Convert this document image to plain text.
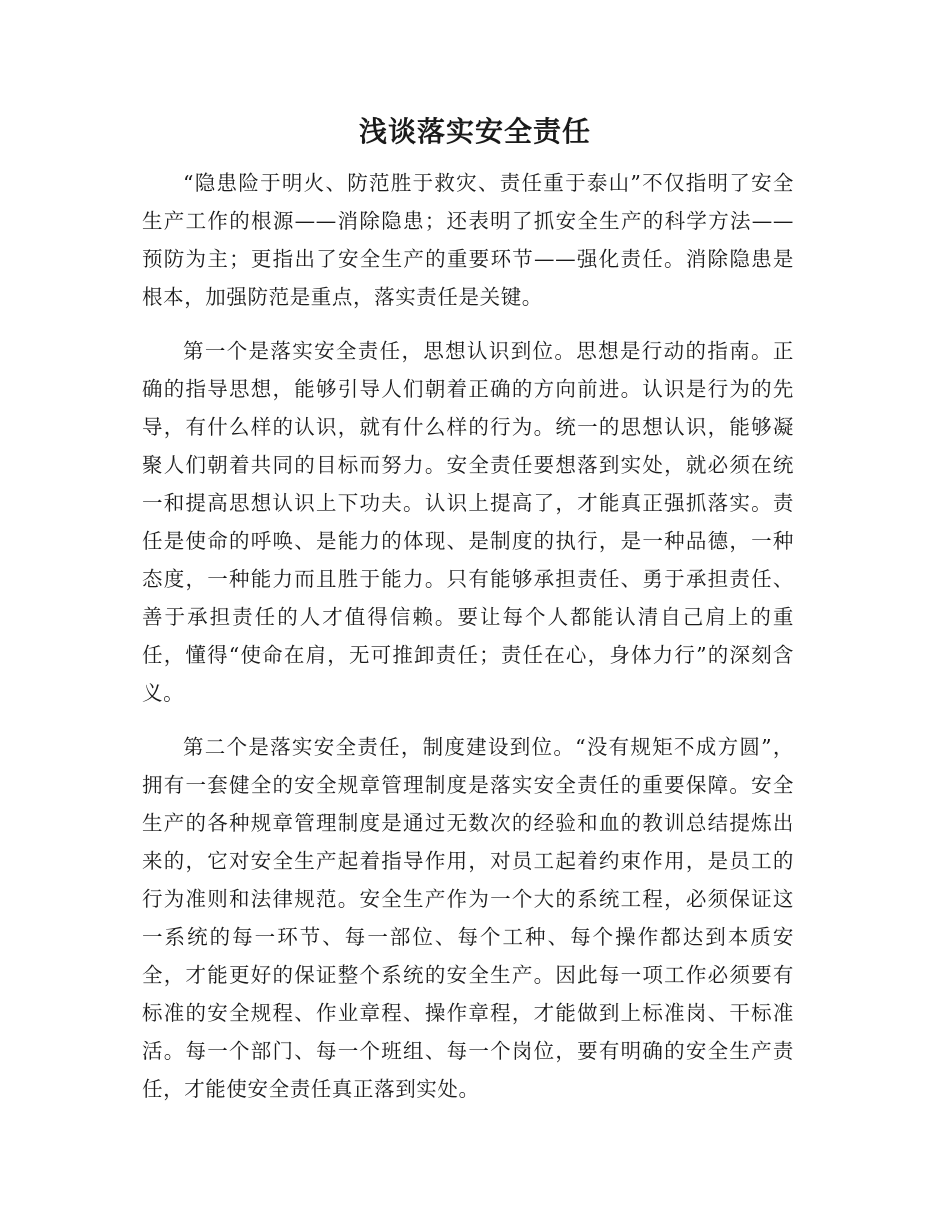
浅谈落实安全责任

“隐患险于明火、防范胜于救灾、责任重于泰山”不仅指明了安全生产工作的根源——消除隐患；还表明了抓安全生产的科学方法——预防为主；更指出了安全生产的重要环节——强化责任。消除隐患是根本，加强防范是重点，落实责任是关键。

第一个是落实安全责任，思想认识到位。思想是行动的指南。正确的指导思想，能够引导人们朝着正确的方向前进。认识是行为的先导，有什么样的认识，就有什么样的行为。统一的思想认识，能够凝聚人们朝着共同的目标而努力。安全责任要想落到实处，就必须在统一和提高思想认识上下功夫。认识上提高了，才能真正强抓落实。责任是使命的呼唤、是能力的体现、是制度的执行，是一种品德，一种态度，一种能力而且胜于能力。只有能够承担责任、勇于承担责任、善于承担责任的人才值得信赖。要让每个人都能认清自己肩上的重任，懂得“使命在肩，无可推卸责任；责任在心，身体力行”的深刻含义。

第二个是落实安全责任，制度建设到位。“没有规矩不成方圆”，拥有一套健全的安全规章管理制度是落实安全责任的重要保障。安全生产的各种规章管理制度是通过无数次的经验和血的教训总结提炼出来的，它对安全生产起着指导作用，对员工起着约束作用，是员工的行为准则和法律规范。安全生产作为一个大的系统工程，必须保证这一系统的每一环节、每一部位、每个工种、每个操作都达到本质安全，才能更好的保证整个系统的安全生产。因此每一项工作必须要有标准的安全规程、作业章程、操作章程，才能做到上标准岗、干标准活。每一个部门、每一个班组、每一个岗位，要有明确的安全生产责任，才能使安全责任真正落到实处。
